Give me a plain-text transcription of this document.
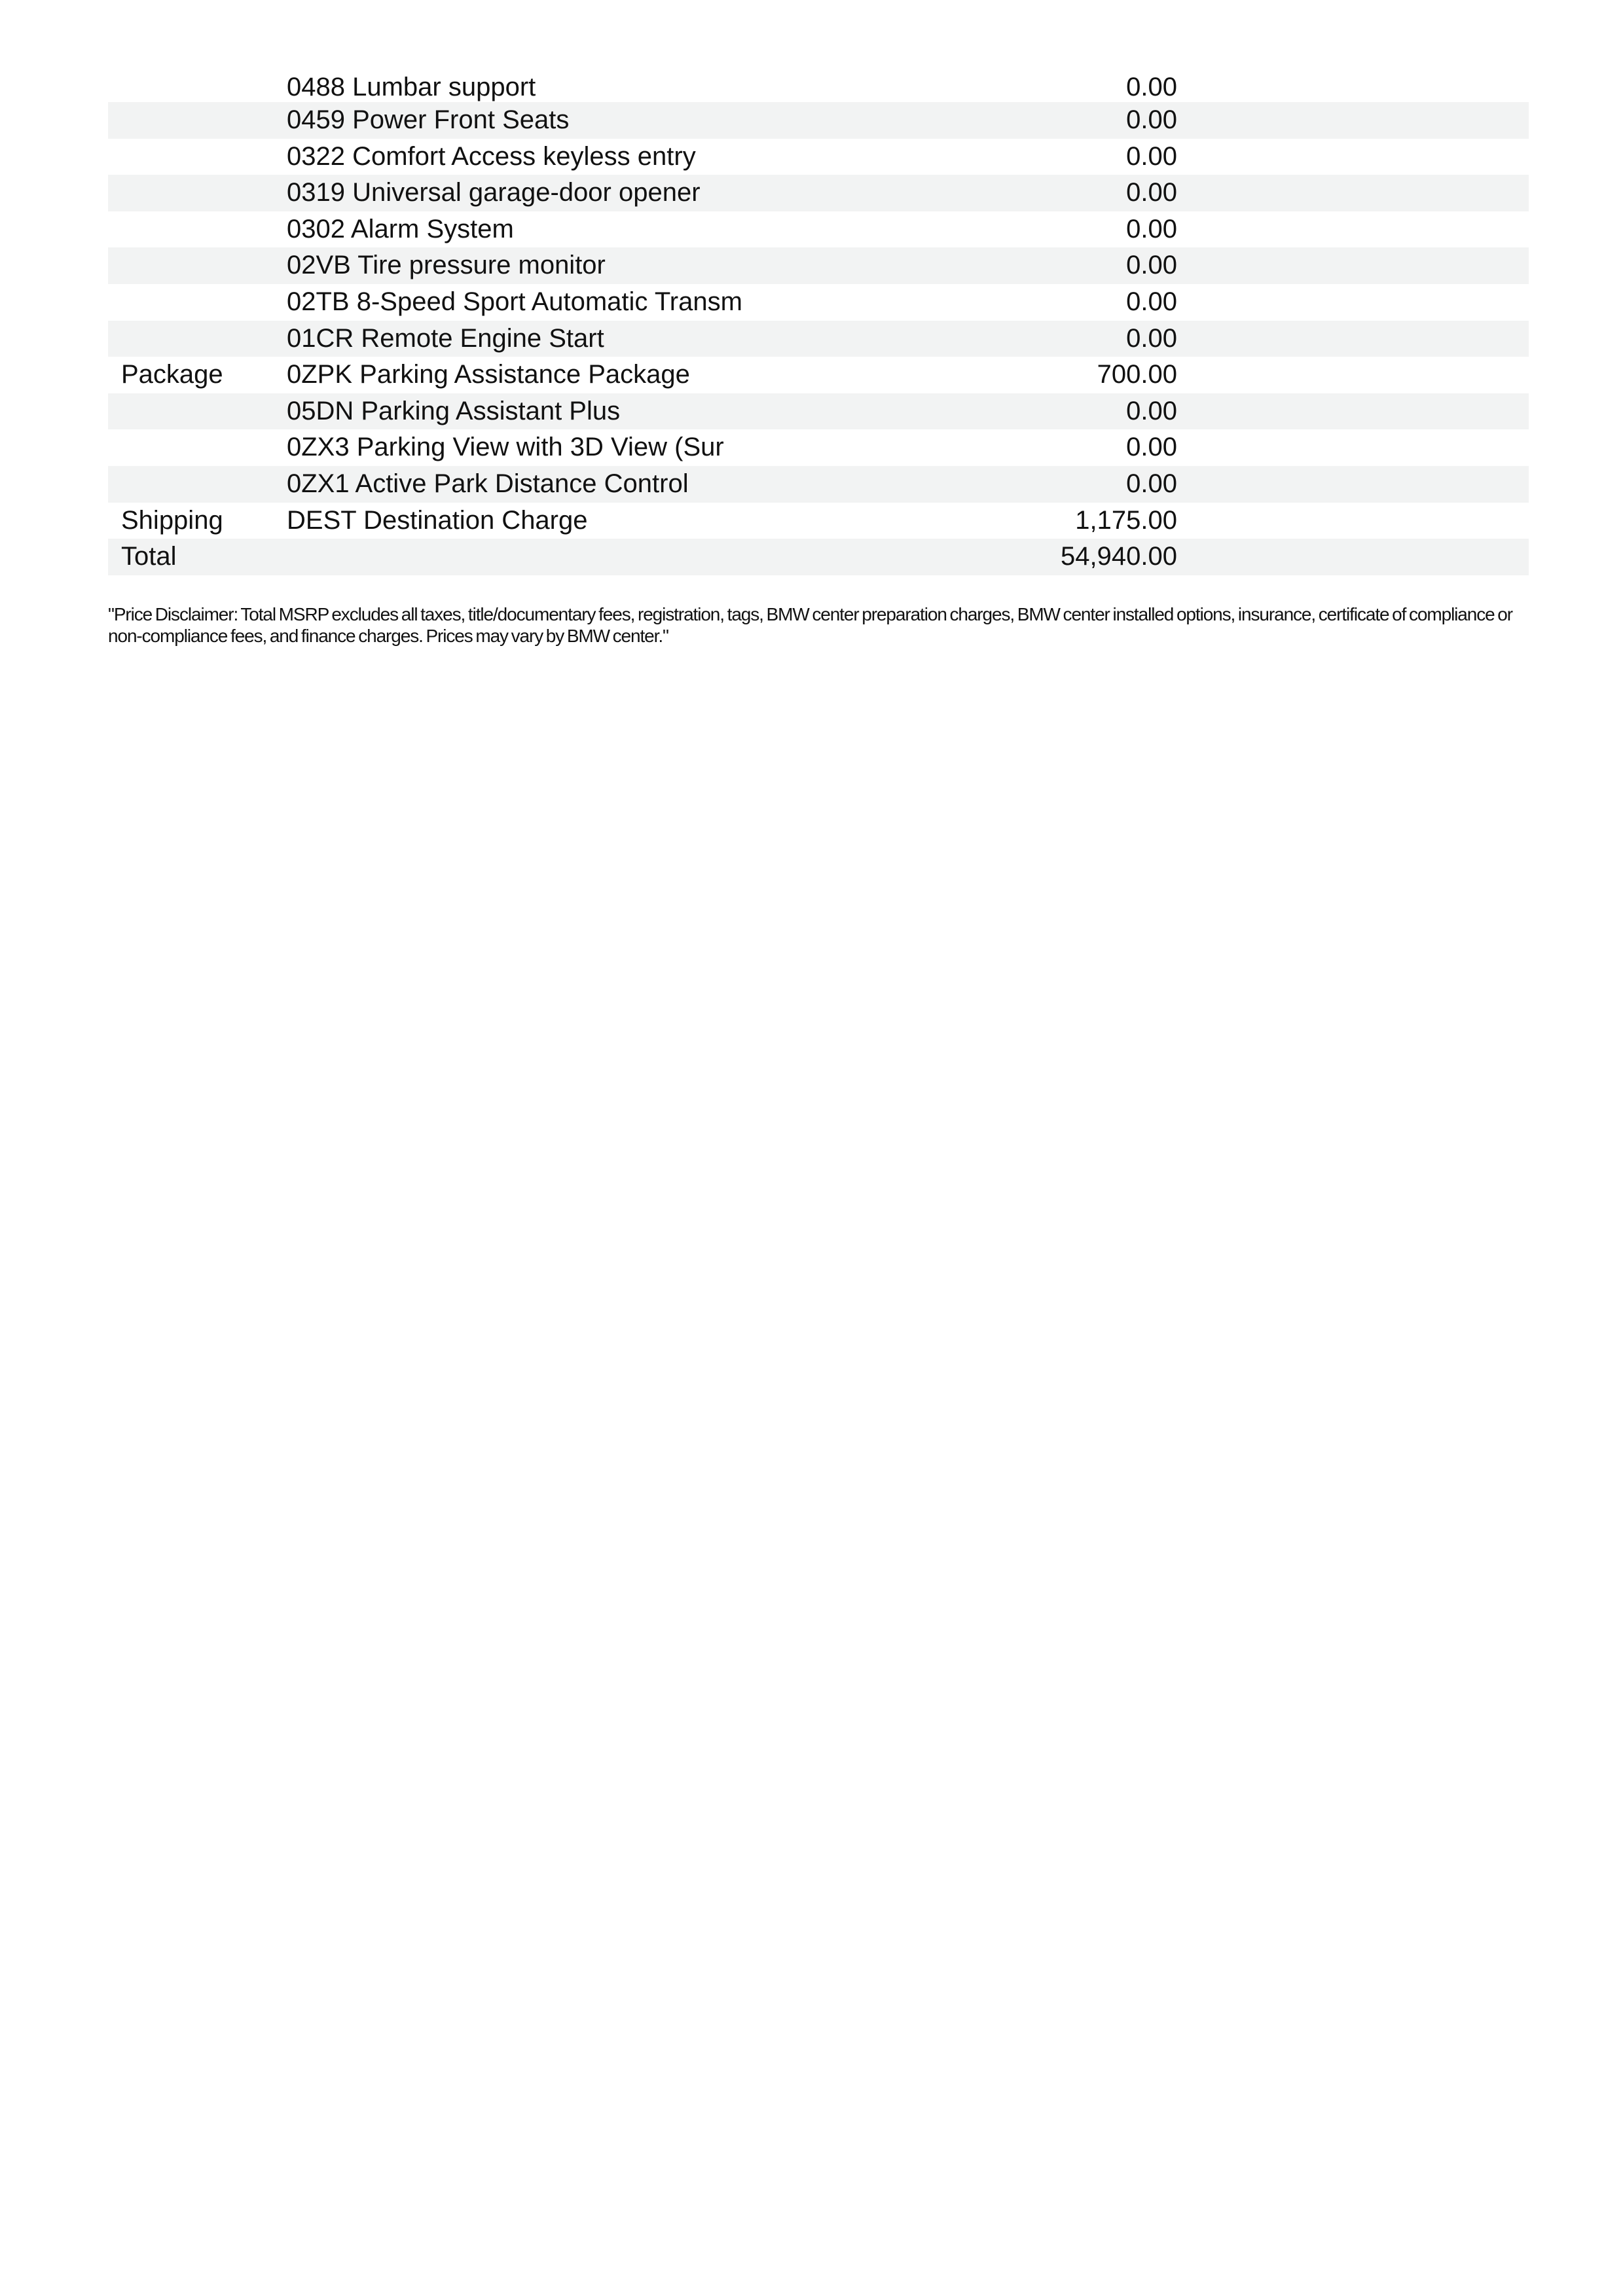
0488 Lumbar support	0.00
0459 Power Front Seats	0.00
0322 Comfort Access keyless entry	0.00
0319 Universal garage-door opener	0.00
0302 Alarm System	0.00
02VB Tire pressure monitor	0.00
02TB 8-Speed Sport Automatic Transm	0.00
01CR Remote Engine Start	0.00
Package 0ZPK Parking Assistance Package	700.00
05DN Parking Assistant Plus	0.00
0ZX3 Parking View with 3D View (Sur	0.00
0ZX1 Active Park Distance Control	0.00
Shipping DEST Destination Charge	1,175.00
Total	54,940.00
"Price Disclaimer: Total MSRP excludes all taxes, title/documentary fees, registration, tags, BMW center preparation charges, BMW center installed options, insurance, certificate of compliance or non-compliance fees, and finance charges. Prices may vary by BMW center."
